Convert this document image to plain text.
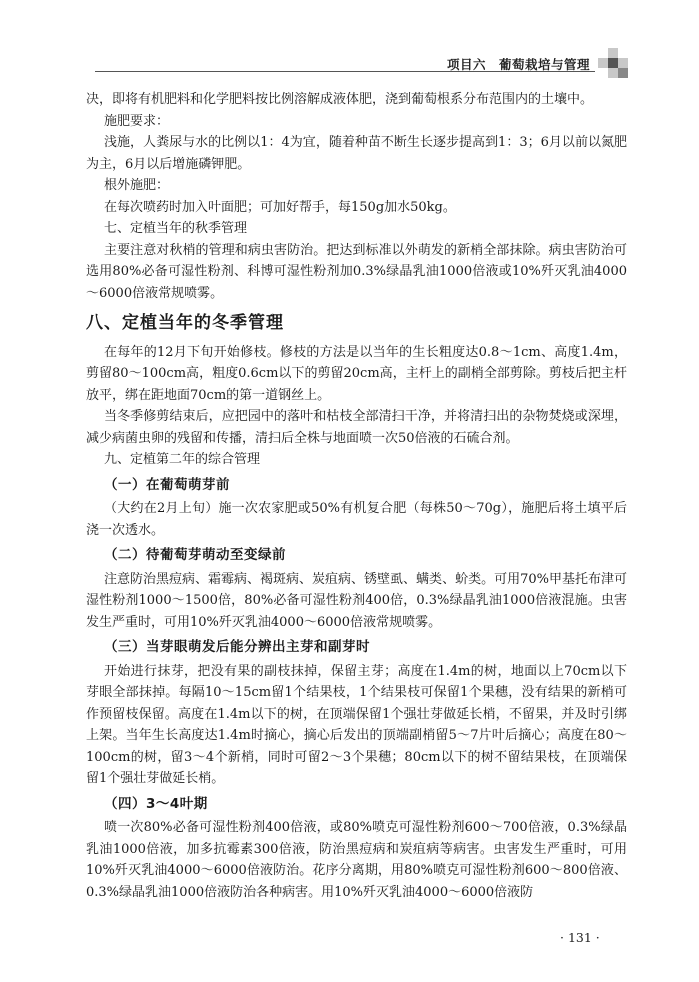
项目六　葡萄栽培与管理

决，即将有机肥料和化学肥料按比例溶解成液体肥，浇到葡萄根系分布范围内的土壤中。

施肥要求：

浅施，人粪尿与水的比例以1：4为宜，随着种苗不断生长逐步提高到1：3；6月以前以氮肥为主，6月以后增施磷钾肥。

根外施肥：

在每次喷药时加入叶面肥；可加好帮手，每150g加水50kg。

七、定植当年的秋季管理

主要注意对秋梢的管理和病虫害防治。把达到标准以外萌发的新梢全部抹除。病虫害防治可选用80%必备可湿性粉剂、科博可湿性粉剂加0.3%绿晶乳油1000倍液或10%歼灭乳油4000～6000倍液常规喷雾。

八、定植当年的冬季管理

在每年的12月下旬开始修枝。修枝的方法是以当年的生长粗度达0.8～1cm、高度1.4m，剪留80～100cm高，粗度0.6cm以下的剪留20cm高，主杆上的副梢全部剪除。剪枝后把主杆放平，绑在距地面70cm的第一道钢丝上。

当冬季修剪结束后，应把园中的落叶和枯枝全部清扫干净，并将清扫出的杂物焚烧或深埋，减少病菌虫卵的残留和传播，清扫后全株与地面喷一次50倍液的石硫合剂。

九、定植第二年的综合管理

（一）在葡萄萌芽前

（大约在2月上旬）施一次农家肥或50%有机复合肥（每株50～70g），施肥后将土填平后浇一次透水。

（二）待葡萄芽萌动至变绿前

注意防治黑痘病、霜霉病、褐斑病、炭疽病、锈壁虱、螨类、蚧类。可用70%甲基托布津可湿性粉剂1000～1500倍，80%必备可湿性粉剂400倍，0.3%绿晶乳油1000倍液混施。虫害发生严重时，可用10%歼灭乳油4000～6000倍液常规喷雾。

（三）当芽眼萌发后能分辨出主芽和副芽时

开始进行抹芽，把没有果的副枝抹掉，保留主芽；高度在1.4m的树，地面以上70cm以下芽眼全部抹掉。每隔10～15cm留1个结果枝，1个结果枝可保留1个果穗，没有结果的新梢可作预留枝保留。高度在1.4m以下的树，在顶端保留1个强壮芽做延长梢，不留果，并及时引绑上架。当年生长高度达1.4m时摘心，摘心后发出的顶端副梢留5～7片叶后摘心；高度在80～100cm的树，留3～4个新梢，同时可留2～3个果穗；80cm以下的树不留结果枝，在顶端保留1个强壮芽做延长梢。

（四）3～4叶期

喷一次80%必备可湿性粉剂400倍液，或80%喷克可湿性粉剂600～700倍液，0.3%绿晶乳油1000倍液，加多抗霉素300倍液，防治黑痘病和炭疽病等病害。虫害发生严重时，可用10%歼灭乳油4000～6000倍液防治。花序分离期，用80%喷克可湿性粉剂600～800倍液、0.3%绿晶乳油1000倍液防治各种病害。用10%歼灭乳油4000～6000倍液防

· 131 ·
